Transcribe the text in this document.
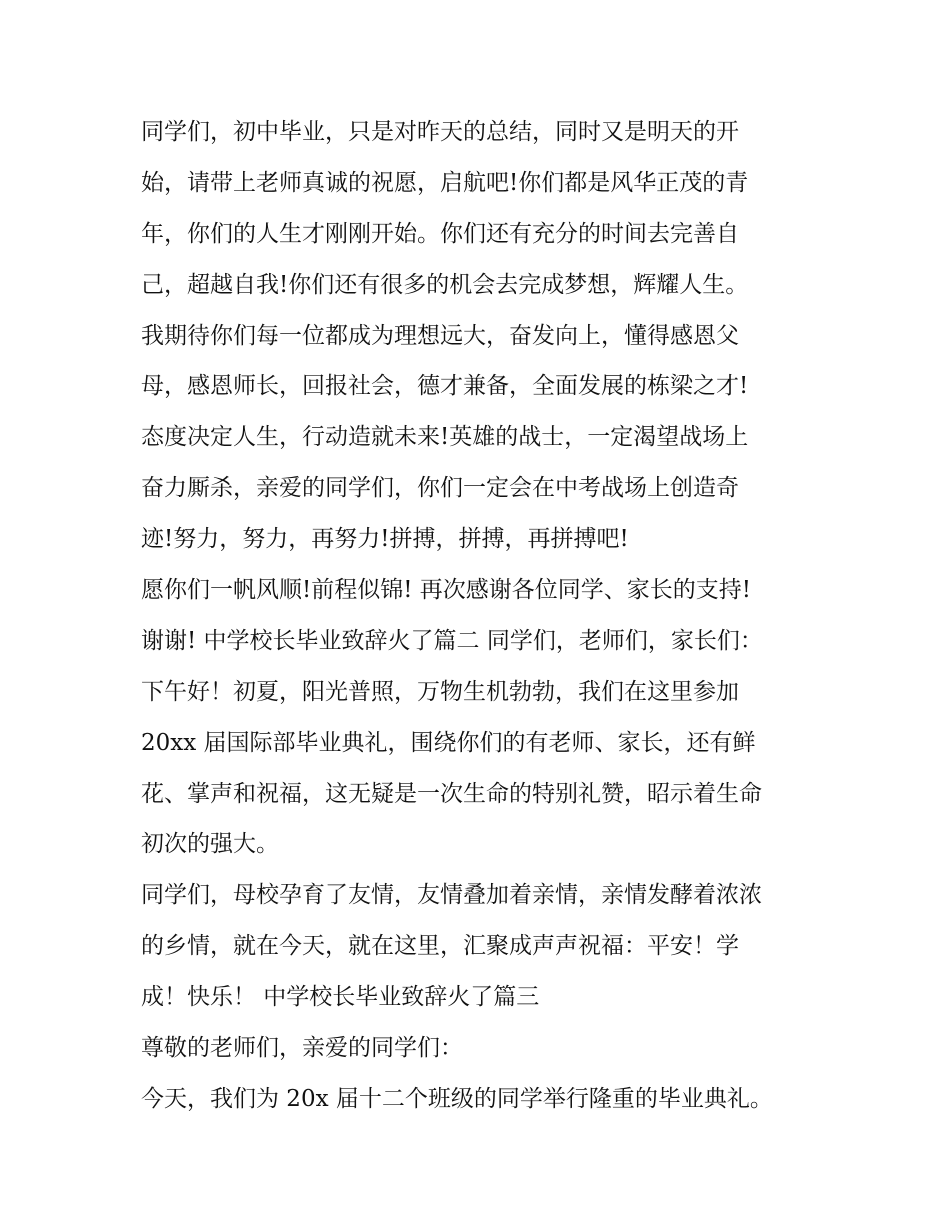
同学们，初中毕业，只是对昨天的总结，同时又是明天的开
始，请带上老师真诚的祝愿，启航吧!你们都是风华正茂的青
年，你们的人生才刚刚开始。你们还有充分的时间去完善自
己，超越自我!你们还有很多的机会去完成梦想，辉耀人生。
我期待你们每一位都成为理想远大，奋发向上，懂得感恩父
母，感恩师长，回报社会，德才兼备，全面发展的栋梁之才!
态度决定人生，行动造就未来!英雄的战士，一定渴望战场上
奋力厮杀，亲爱的同学们，你们一定会在中考战场上创造奇
迹!努力，努力，再努力!拼搏，拼搏，再拼搏吧!
愿你们一帆风顺!前程似锦! 再次感谢各位同学、家长的支持!
谢谢! 中学校长毕业致辞火了篇二 同学们，老师们，家长们：
下午好！初夏，阳光普照，万物生机勃勃，我们在这里参加
20xx 届国际部毕业典礼，围绕你们的有老师、家长，还有鲜
花、掌声和祝福，这无疑是一次生命的特别礼赞，昭示着生命
初次的强大。
同学们，母校孕育了友情，友情叠加着亲情，亲情发酵着浓浓
的乡情，就在今天，就在这里，汇聚成声声祝福：平安！学
成！快乐！ 中学校长毕业致辞火了篇三
尊敬的老师们，亲爱的同学们：
今天，我们为 20x 届十二个班级的同学举行隆重的毕业典礼。
